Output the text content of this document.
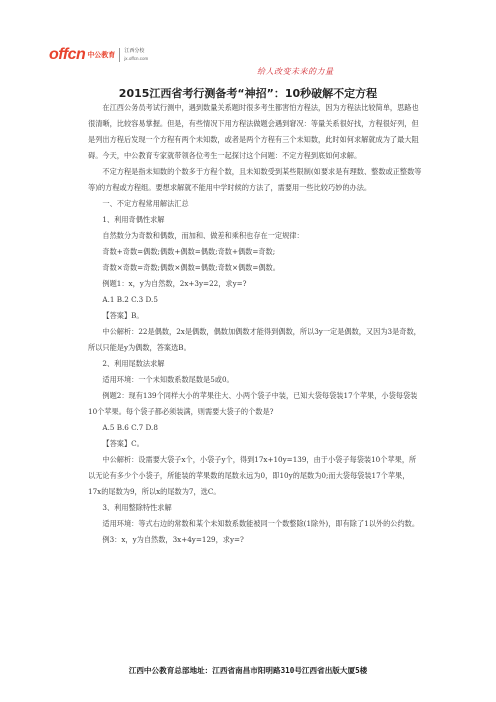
offcn 中公教育 江西分校
jx.offcn.com
给人改变未来的力量
2015江西省考行测备考“神招”：10秒破解不定方程

在江西公务员考试行测中，遇到数量关系题时很多考生都害怕方程法，因为方程法比较简单，思路也很清晰，比较容易掌握。但是，有些情况下用方程法做题会遇到窘况：等量关系很好找，方程很好列，但是列出方程后发现一个方程有两个未知数，或者是两个方程有三个未知数，此时如何求解就成为了最大阻碍。今天，中公教育专家就带领各位考生一起探讨这个问题：不定方程到底如何求解。

不定方程是指未知数的个数多于方程个数，且未知数受到某些限制(如要求是有理数、整数或正整数等等)的方程或方程组。要想求解就不能用中学时候的方法了，需要用一些比较巧妙的办法。

一、不定方程常用解法汇总

1、利用奇偶性求解

自然数分为奇数和偶数，而加和、做差和乘积也存在一定规律：

奇数+奇数=偶数;偶数+偶数=偶数;奇数+偶数=奇数;

奇数×奇数=奇数;偶数×偶数=偶数;奇数×偶数=偶数。

例题1：x，y为自然数，2x+3y=22，求y=?

A.1 B.2 C.3 D.5

【答案】B。

中公解析：22是偶数，2x是偶数，偶数加偶数才能得到偶数，所以3y一定是偶数，又因为3是奇数，所以只能是y为偶数，答案选B。

2、利用尾数法求解

适用环境：一个未知数系数尾数是5或0。

例题2：现有139个同样大小的苹果往大、小两个袋子中装，已知大袋每袋装17个苹果，小袋每袋装10个苹果。每个袋子都必须装满，则需要大袋子的个数是?

A.5 B.6 C.7 D.8

【答案】C。

中公解析：设需要大袋子x个，小袋子y个，得到17x+10y=139，由于小袋子每袋装10个苹果，所以无论有多少个小袋子，所能装的苹果数的尾数永远为0，即10y的尾数为0;而大袋每袋装17个苹果，17x的尾数为9，所以x的尾数为7，选C。

3、利用整除特性求解

适用环境：等式右边的常数和某个未知数系数能被同一个数整除(1除外)，即有除了1以外的公约数。

例3：x，y为自然数，3x+4y=129，求y=?

江西中公教育总部地址：江西省南昌市阳明路310号江西省出版大厦5楼
